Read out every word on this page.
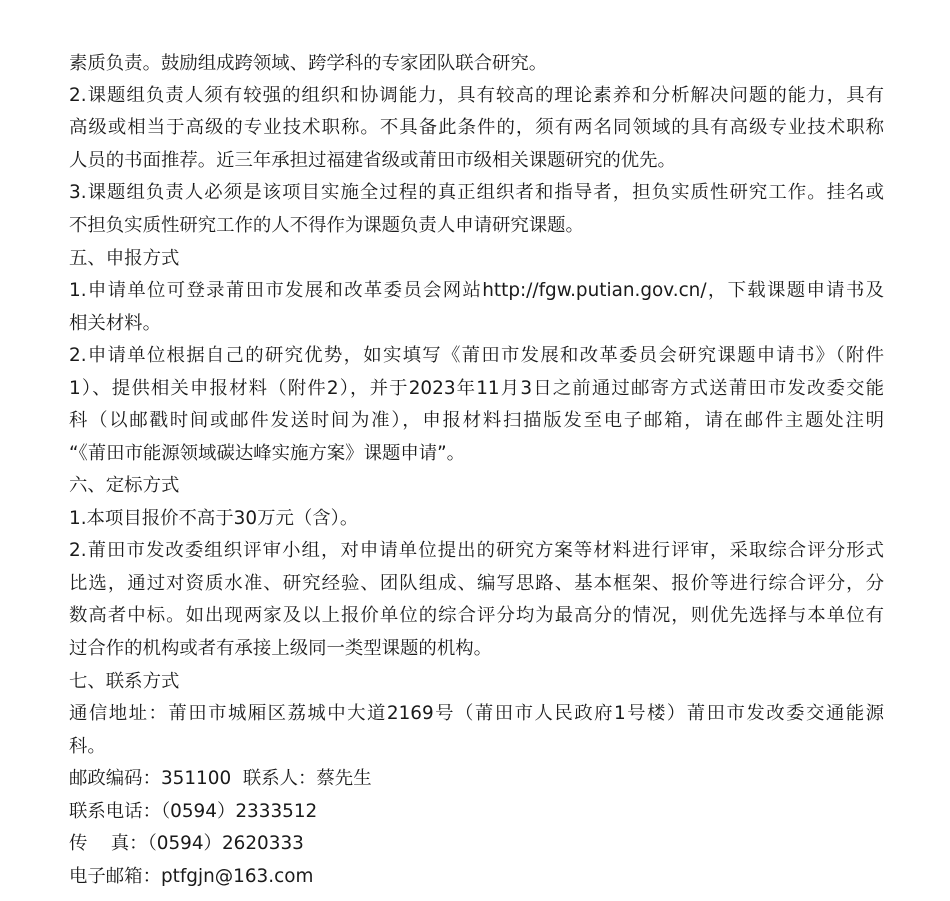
素质负责。鼓励组成跨领域、跨学科的专家团队联合研究。
2.课题组负责人须有较强的组织和协调能力，具有较高的理论素养和分析解决问题的能力，具有
高级或相当于高级的专业技术职称。不具备此条件的，须有两名同领域的具有高级专业技术职称
人员的书面推荐。近三年承担过福建省级或莆田市级相关课题研究的优先。
3.课题组负责人必须是该项目实施全过程的真正组织者和指导者，担负实质性研究工作。挂名或
不担负实质性研究工作的人不得作为课题负责人申请研究课题。
五、申报方式
1.申请单位可登录莆田市发展和改革委员会网站http://fgw.putian.gov.cn/，下载课题申请书及
相关材料。
2.申请单位根据自己的研究优势，如实填写《莆田市发展和改革委员会研究课题申请书》（附件
1）、提供相关申报材料（附件2），并于2023年11月3日之前通过邮寄方式送莆田市发改委交能
科（以邮戳时间或邮件发送时间为准），申报材料扫描版发至电子邮箱，请在邮件主题处注明
“《莆田市能源领域碳达峰实施方案》课题申请”。
六、定标方式
1.本项目报价不高于30万元（含）。
2.莆田市发改委组织评审小组，对申请单位提出的研究方案等材料进行评审，采取综合评分形式
比选，通过对资质水准、研究经验、团队组成、编写思路、基本框架、报价等进行综合评分，分
数高者中标。如出现两家及以上报价单位的综合评分均为最高分的情况，则优先选择与本单位有
过合作的机构或者有承接上级同一类型课题的机构。
七、联系方式
通信地址：莆田市城厢区荔城中大道2169号（莆田市人民政府1号楼）莆田市发改委交通能源
科。
邮政编码：351100  联系人：蔡先生
联系电话：（0594）2333512
传    真：（0594）2620333
电子邮箱：ptfgjn@163.com
